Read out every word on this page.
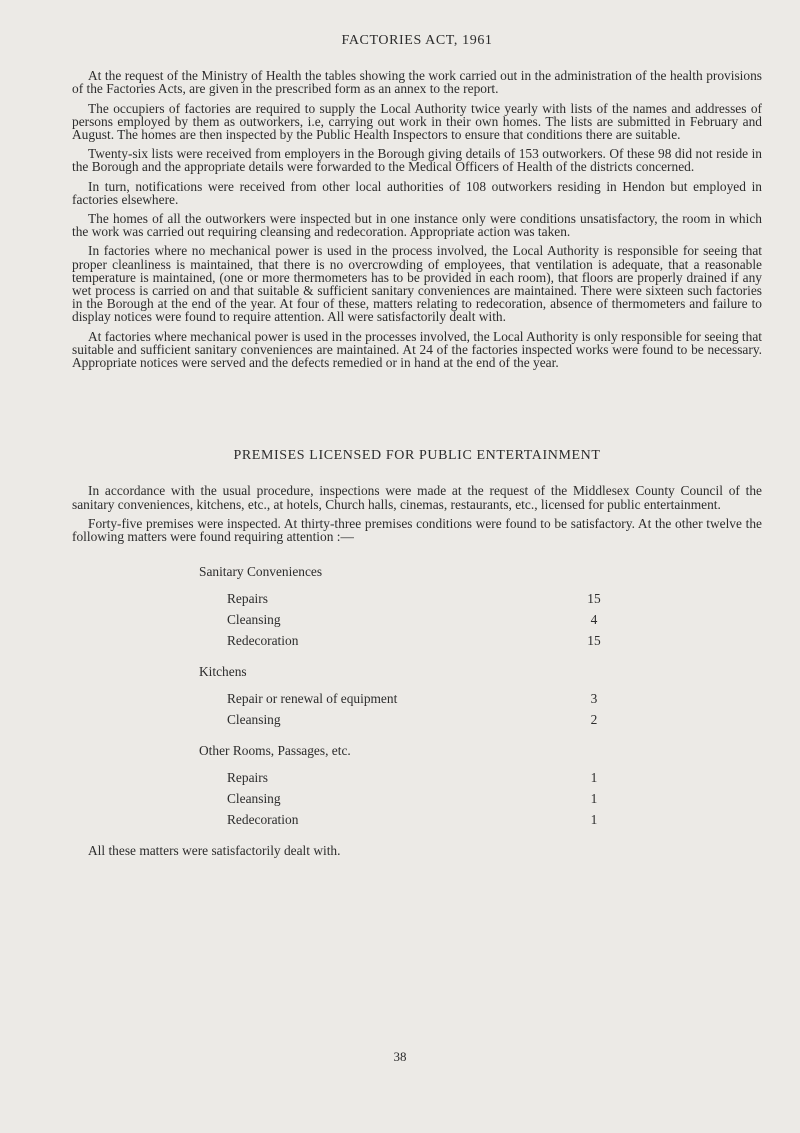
FACTORIES ACT, 1961

At the request of the Ministry of Health the tables showing the work carried out in the administration of the health provisions of the Factories Acts, are given in the prescribed form as an annex to the report.

The occupiers of factories are required to supply the Local Authority twice yearly with lists of the names and addresses of persons employed by them as outworkers, i.e, carrying out work in their own homes. The lists are submitted in February and August. The homes are then inspected by the Public Health Inspectors to ensure that conditions there are suitable.

Twenty-six lists were received from employers in the Borough giving details of 153 outworkers. Of these 98 did not reside in the Borough and the appropriate details were forwarded to the Medical Officers of Health of the districts concerned.

In turn, notifications were received from other local authorities of 108 outworkers residing in Hendon but employed in factories elsewhere.

The homes of all the outworkers were inspected but in one instance only were conditions unsatisfactory, the room in which the work was carried out requiring cleansing and redecoration. Appropriate action was taken.

In factories where no mechanical power is used in the process involved, the Local Authority is responsible for seeing that proper cleanliness is maintained, that there is no overcrowding of employees, that ventilation is adequate, that a reasonable temperature is maintained, (one or more thermometers has to be provided in each room), that floors are properly drained if any wet process is carried on and that suitable & sufficient sanitary conveniences are maintained. There were sixteen such factories in the Borough at the end of the year. At four of these, matters relating to redecoration, absence of thermometers and failure to display notices were found to require attention. All were satisfactorily dealt with.

At factories where mechanical power is used in the processes involved, the Local Authority is only responsible for seeing that suitable and sufficient sanitary conveniences are maintained. At 24 of the factories inspected works were found to be necessary. Appropriate notices were served and the defects remedied or in hand at the end of the year.

PREMISES LICENSED FOR PUBLIC ENTERTAINMENT

In accordance with the usual procedure, inspections were made at the request of the Middlesex County Council of the sanitary conveniences, kitchens, etc., at hotels, Church halls, cinemas, restaurants, etc., licensed for public entertainment.

Forty-five premises were inspected. At thirty-three premises conditions were found to be satisfactory. At the other twelve the following matters were found requiring attention :—

Sanitary Conveniences
Repairs	15
Cleansing	4
Redecoration	15
Kitchens
Repair or renewal of equipment	3
Cleansing	2
Other Rooms, Passages, etc.
Repairs	1
Cleansing	1
Redecoration	1

All these matters were satisfactorily dealt with.

38
